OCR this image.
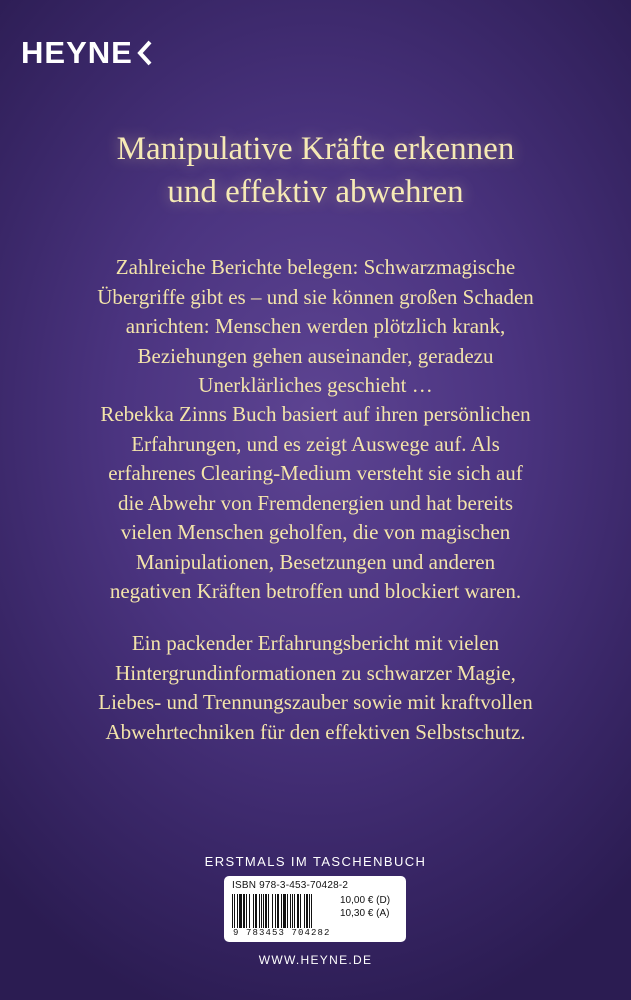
HEYNE
Manipulative Kräfte erkennen
und effektiv abwehren
Zahlreiche Berichte belegen: Schwarzmagische
Übergriffe gibt es – und sie können großen Schaden
anrichten: Menschen werden plötzlich krank,
Beziehungen gehen auseinander, geradezu
Unerklärliches geschieht …
Rebekka Zinns Buch basiert auf ihren persönlichen
Erfahrungen, und es zeigt Auswege auf. Als
erfahrenes Clearing-Medium versteht sie sich auf
die Abwehr von Fremdenergien und hat bereits
vielen Menschen geholfen, die von magischen
Manipulationen, Besetzungen und anderen
negativen Kräften betroffen und blockiert waren.
Ein packender Erfahrungsbericht mit vielen
Hintergrundinformationen zu schwarzer Magie,
Liebes- und Trennungszauber sowie mit kraftvollen
Abwehrtechniken für den effektiven Selbstschutz.
ERSTMALS IM TASCHENBUCH
ISBN 978-3-453-70428-2
9 783453 704282
10,00 € (D)
10,30 € (A)
WWW.HEYNE.DE
